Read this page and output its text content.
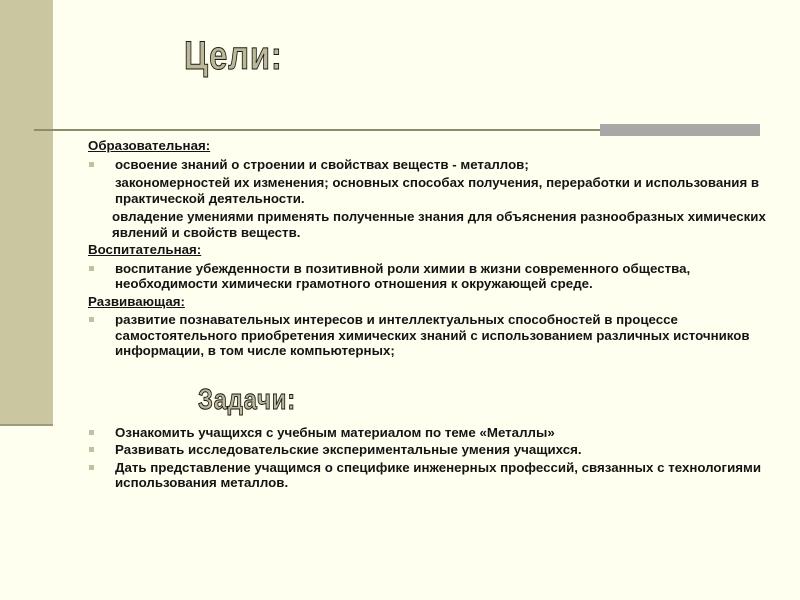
Цели:
Образовательная:
освоение знаний о строении и свойствах веществ - металлов;
закономерностей их изменения; основных способах получения, переработки и использования в практической деятельности.
овладение умениями применять полученные знания для объяснения разнообразных химических явлений и свойств веществ.
Воспитательная:
воспитание убежденности в позитивной роли химии в жизни современного общества, необходимости химически грамотного отношения к окружающей среде.
Развивающая:
развитие познавательных интересов и интеллектуальных способностей в процессе самостоятельного приобретения химических знаний с использованием различных источников информации, в том числе компьютерных;
Ознакомить учащихся с учебным материалом по теме «Металлы»
Развивать исследовательские экспериментальные умения учащихся.
Дать представление учащимся о специфике инженерных профессий, связанных с технологиями использования металлов.
Задачи:
